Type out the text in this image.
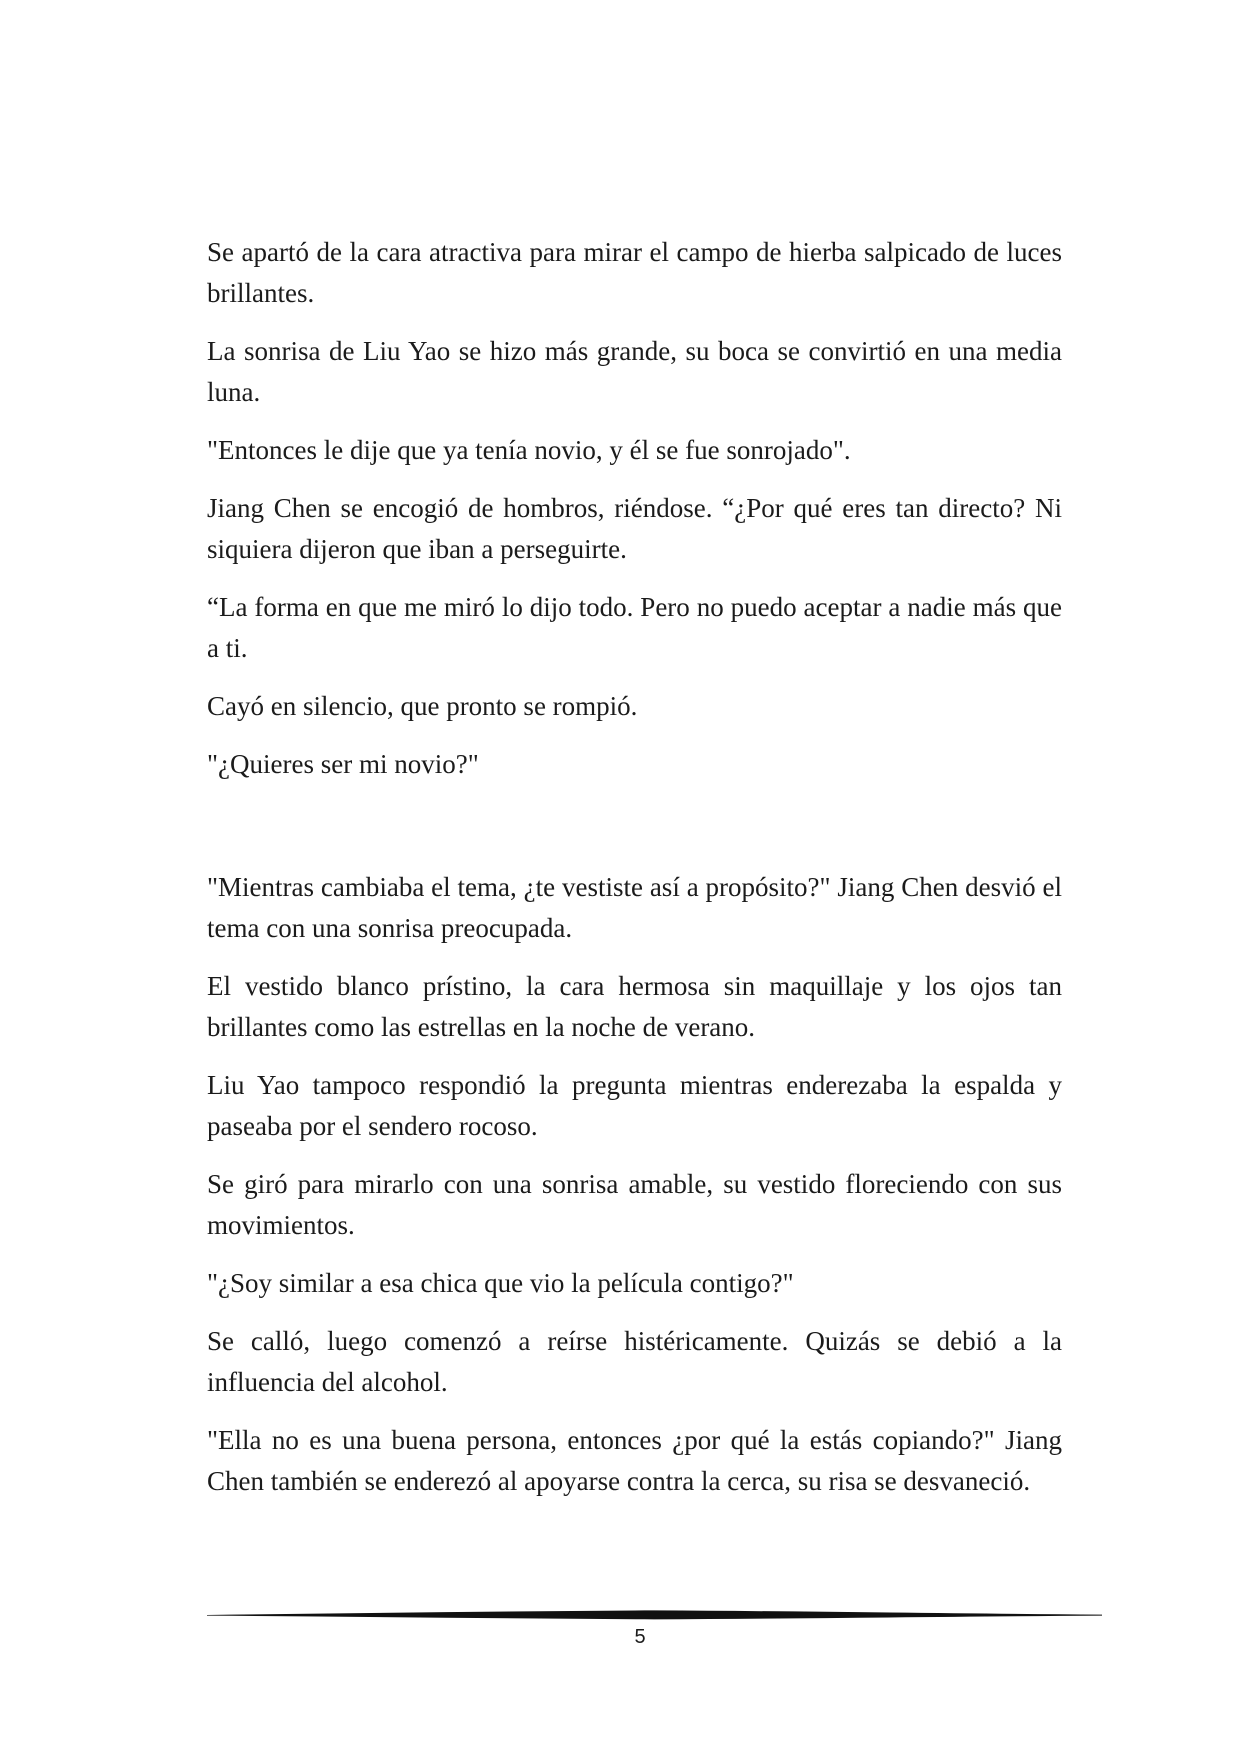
Se apartó de la cara atractiva para mirar el campo de hierba salpicado de luces brillantes.

La sonrisa de Liu Yao se hizo más grande, su boca se convirtió en una media luna.

"Entonces le dije que ya tenía novio, y él se fue sonrojado".

Jiang Chen se encogió de hombros, riéndose. “¿Por qué eres tan directo? Ni siquiera dijeron que iban a perseguirte.

“La forma en que me miró lo dijo todo. Pero no puedo aceptar a nadie más que a ti.

Cayó en silencio, que pronto se rompió.

"¿Quieres ser mi novio?"

"Mientras cambiaba el tema, ¿te vestiste así a propósito?" Jiang Chen desvió el tema con una sonrisa preocupada.

El vestido blanco prístino, la cara hermosa sin maquillaje y los ojos tan brillantes como las estrellas en la noche de verano.

Liu Yao tampoco respondió la pregunta mientras enderezaba la espalda y paseaba por el sendero rocoso.

Se giró para mirarlo con una sonrisa amable, su vestido floreciendo con sus movimientos.

"¿Soy similar a esa chica que vio la película contigo?"

Se calló, luego comenzó a reírse histéricamente. Quizás se debió a la influencia del alcohol.

"Ella no es una buena persona, entonces ¿por qué la estás copiando?" Jiang Chen también se enderezó al apoyarse contra la cerca, su risa se desvaneció.

5
